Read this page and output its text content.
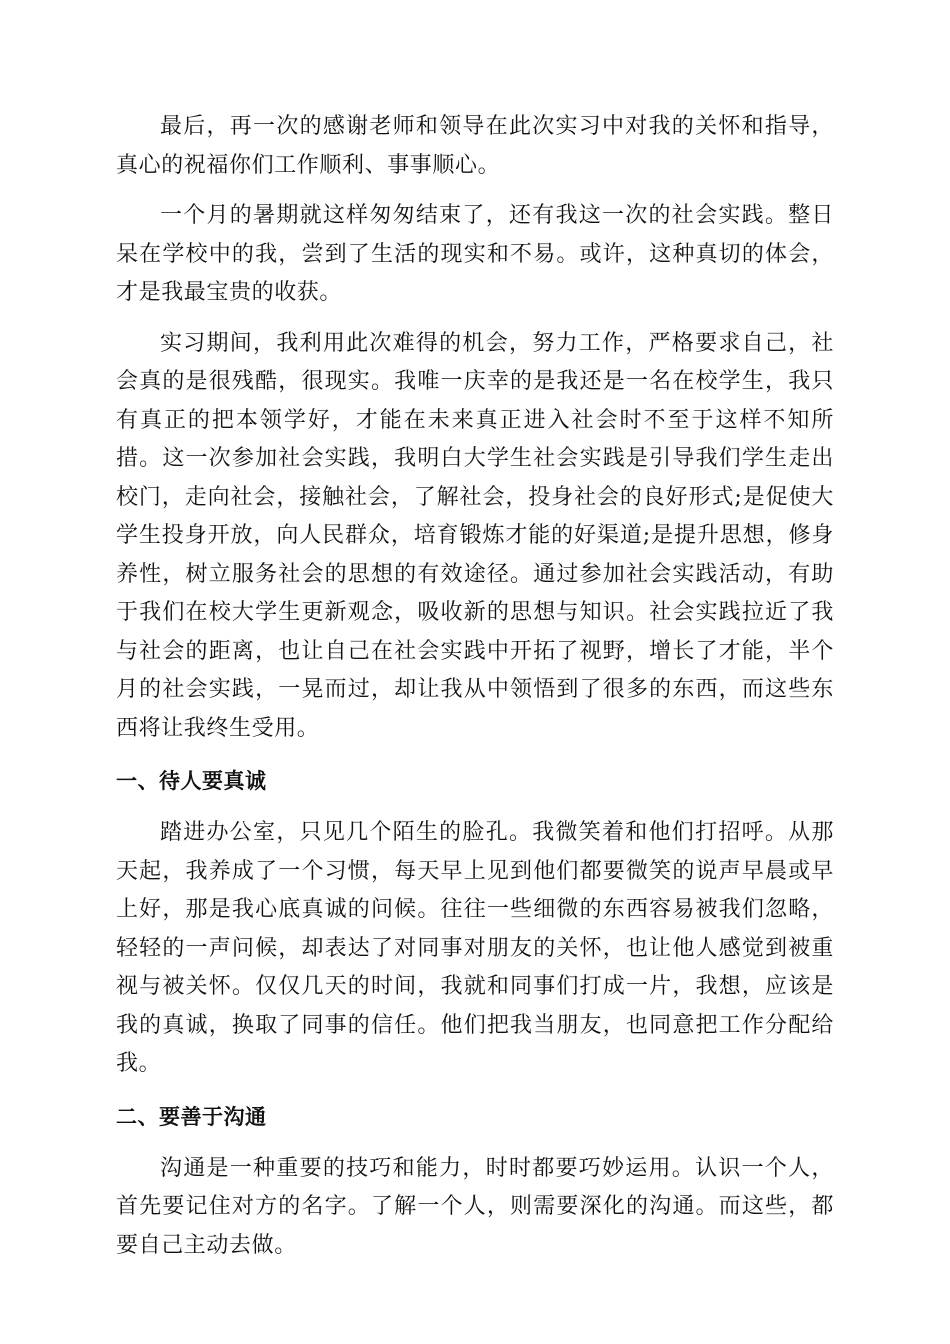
最后，再一次的感谢老师和领导在此次实习中对我的关怀和指导，真心的祝福你们工作顺利、事事顺心。

一个月的暑期就这样匆匆结束了，还有我这一次的社会实践。整日呆在学校中的我，尝到了生活的现实和不易。或许，这种真切的体会，才是我最宝贵的收获。

实习期间，我利用此次难得的机会，努力工作，严格要求自己，社会真的是很残酷，很现实。我唯一庆幸的是我还是一名在校学生，我只有真正的把本领学好，才能在未来真正进入社会时不至于这样不知所措。这一次参加社会实践，我明白大学生社会实践是引导我们学生走出校门，走向社会，接触社会，了解社会，投身社会的良好形式;是促使大学生投身开放，向人民群众，培育锻炼才能的好渠道;是提升思想，修身养性，树立服务社会的思想的有效途径。通过参加社会实践活动，有助于我们在校大学生更新观念，吸收新的思想与知识。社会实践拉近了我与社会的距离，也让自己在社会实践中开拓了视野，增长了才能，半个月的社会实践，一晃而过，却让我从中领悟到了很多的东西，而这些东西将让我终生受用。

一、待人要真诚

踏进办公室，只见几个陌生的脸孔。我微笑着和他们打招呼。从那天起，我养成了一个习惯，每天早上见到他们都要微笑的说声早晨或早上好，那是我心底真诚的问候。往往一些细微的东西容易被我们忽略，轻轻的一声问候，却表达了对同事对朋友的关怀，也让他人感觉到被重视与被关怀。仅仅几天的时间，我就和同事们打成一片，我想，应该是我的真诚，换取了同事的信任。他们把我当朋友，也同意把工作分配给我。

二、要善于沟通

沟通是一种重要的技巧和能力，时时都要巧妙运用。认识一个人，首先要记住对方的名字。了解一个人，则需要深化的沟通。而这些，都要自己主动去做。
